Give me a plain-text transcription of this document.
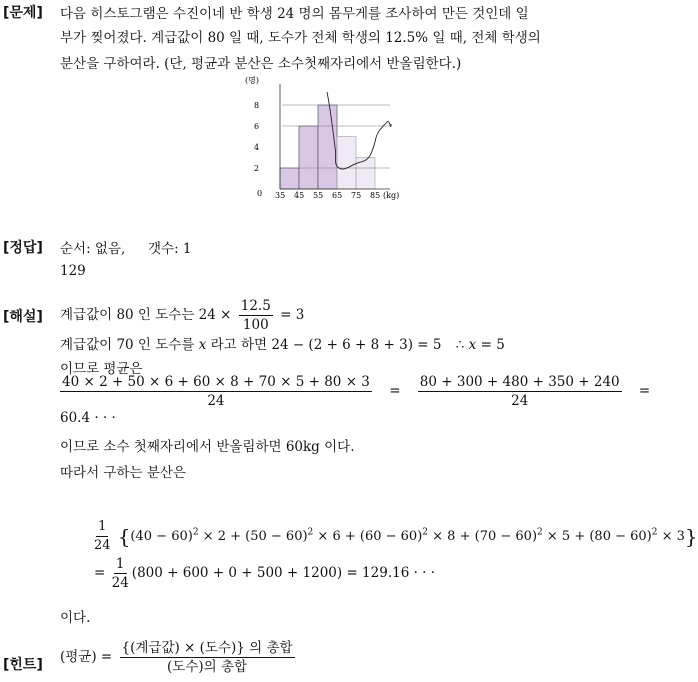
[문제] 다음 히스토그램은 수진이네 반 학생 24 명의 몸무게를 조사하여 만든 것인데 일
부가 찢어졌다. 계급값이 80 일 때, 도수가 전체 학생의 12.5% 일 때, 전체 학생의
분산을 구하여라. (단, 평균과 분산은 소수첫째자리에서 반올림한다.)
0
2
4
6
8
35 45 55 65 75 85
(명)
(kg)
[정답] 순서: 없음, 갯수: 1
129
[해설] 계급값이 80 인 도수는 $24 \times \frac{12.5}{100} = 3$
계급값이 70 인 도수를 x 라고 하면 24 − (2 + 6 + 8 + 3) = 5 ∴ x = 5
이므로 평균은
$\frac{40 \times 2 + 50 \times 6 + 60 \times 8 + 70 \times 5 + 80 \times 3}{24} = \frac{80 + 300 + 480 + 350 + 240}{24}$ =
60.4 · · ·
이므로 소수 첫째자리에서 반올림하면 60kg 이다.
따라서 구하는 분산은
$\frac{1}{24} \{(40 - 60)^2 \times 2 + (50 - 60)^2 \times 6 + (60 - 60)^2 \times 8 + (70 - 60)^2 \times 5 + (80 - 60)^2 \times 3\}$
= $\frac{1}{24} (800 + 600 + 0 + 500 + 1200) = 129.16$ · · ·
이다.
[힌트] (평균) = $\frac{\text{\{(계급값) × (도수)\} 의 총합}}{\text{(도수)의 총합}}$
